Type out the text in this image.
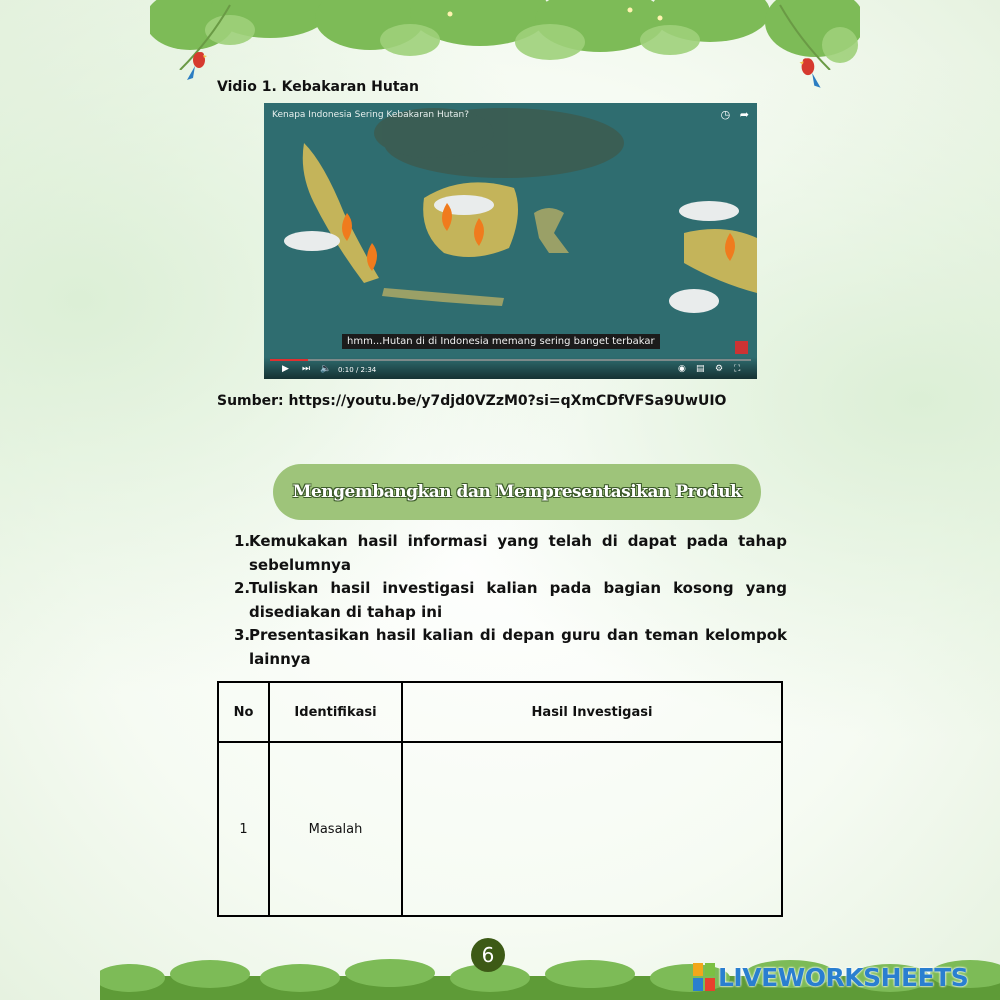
Vidio 1. Kebakaran Hutan
Kenapa Indonesia Sering Kebakaran Hutan?	◷ ➦
hmm...Hutan di di Indonesia memang sering banget terbakar
▶ ⏭ 🔈 0:10 / 2:34	◉ ▤ ⚙ ⛶
Sumber: https://youtu.be/y7djd0VZzM0?si=qXmCDfVFSa9UwUIO
Mengembangkan dan Mempresentasikan Produk
1.
Kemukakan hasil informasi yang telah di dapat pada tahap sebelumnya
2.
Tuliskan hasil investigasi kalian pada bagian kosong yang disediakan di tahap ini
3.
Presentasikan hasil kalian di depan guru dan teman kelompok lainnya
No	Identifikasi	Hasil Investigasi
1	Masalah	
6
LIVEWORKSHEETS
